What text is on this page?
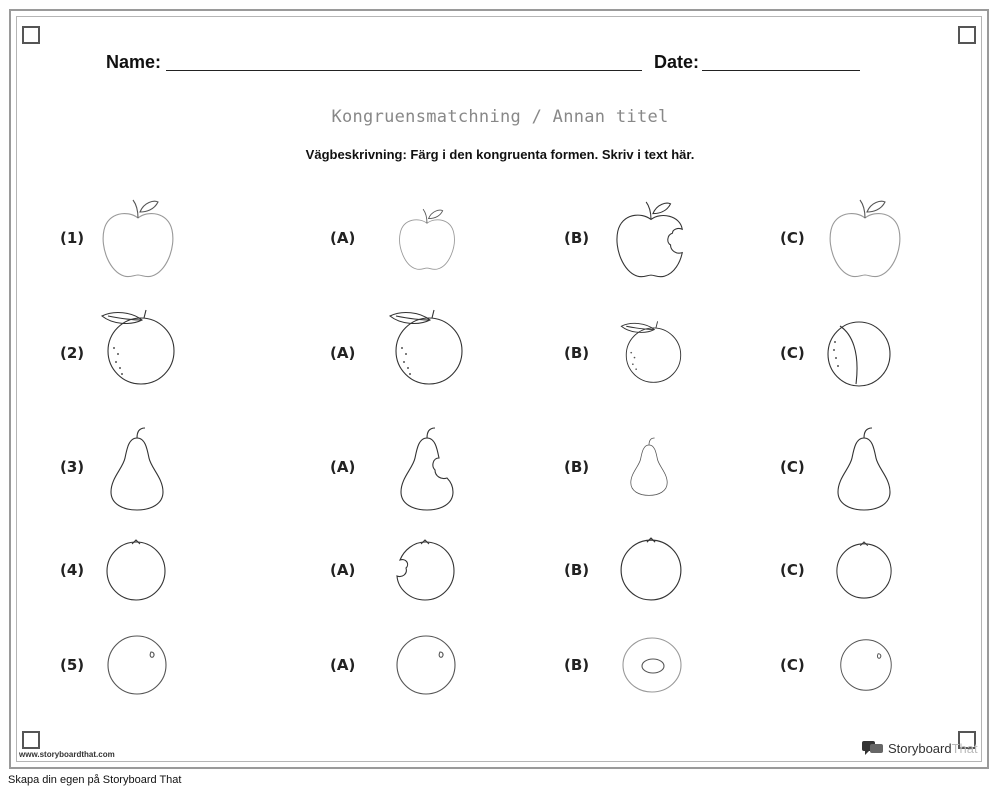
Name:	Date:
Kongruensmatchning / Annan titel
Vägbeskrivning: Färg i den kongruenta formen. Skriv i text här.
(1)	(A)	(B)	(C)
(2)	(A)	(B)	(C)
(3)	(A)	(B)	(C)
(4)	(A)	(B)	(C)
(5)	(A)	(B)	(C)
www.storyboardthat.com	StoryboardThat
Skapa din egen på Storyboard That
